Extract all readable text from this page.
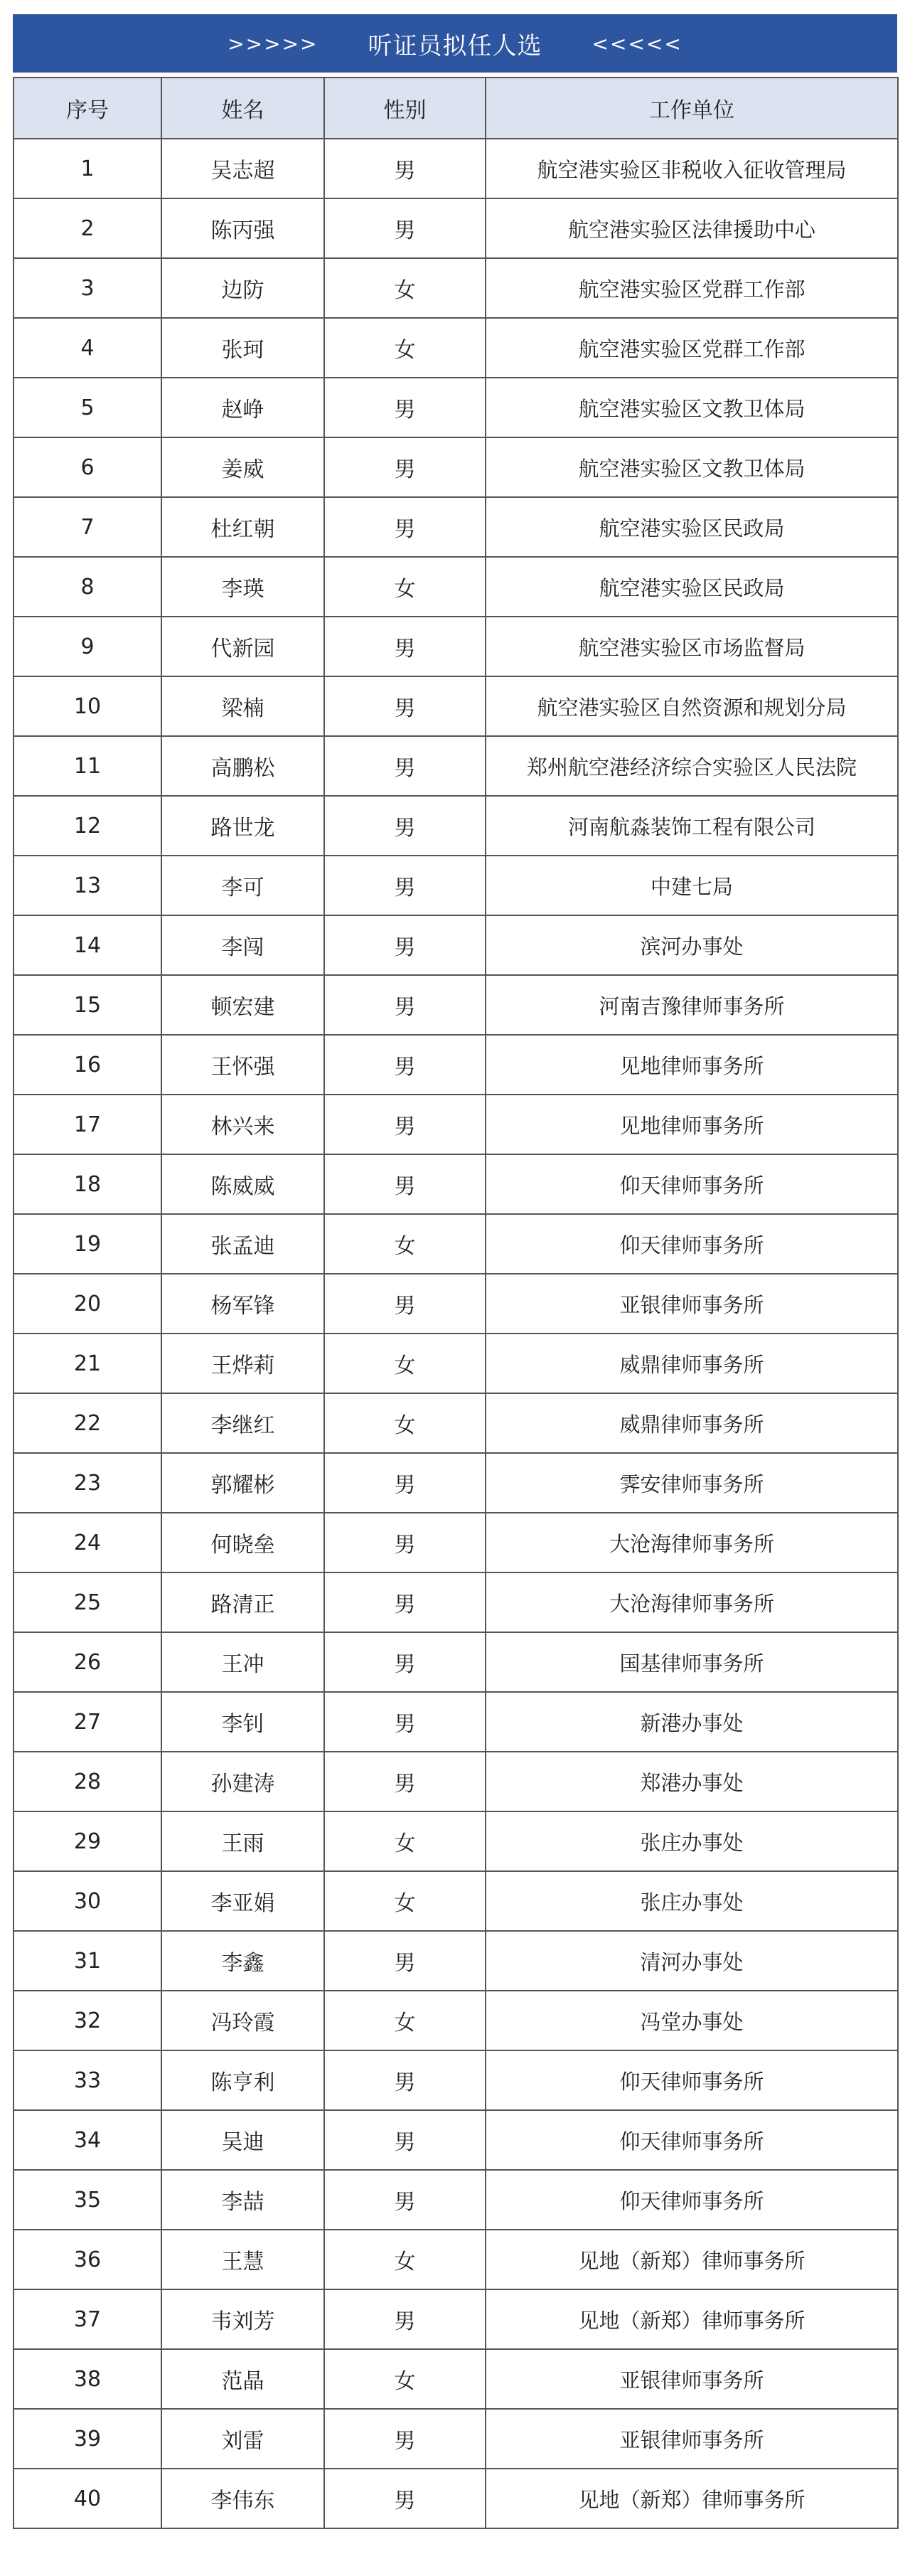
>>>>> 听证员拟任人选	<<<<<
序号	姓名	性别	工作单位
1	吴志超	男	航空港实验区非税收入征收管理局
2	陈丙强	男	航空港实验区法律援助中心
3	边防	女	航空港实验区党群工作部
4	张珂	女	航空港实验区党群工作部
5	赵峥	男	航空港实验区文教卫体局
6	姜威	男	航空港实验区文教卫体局
7	杜红朝	男	航空港实验区民政局
8	李瑛	女	航空港实验区民政局
9	代新园	男	航空港实验区市场监督局
10	梁楠	男	航空港实验区自然资源和规划分局
11	高鹏松	男	郑州航空港经济综合实验区人民法院
12	路世龙	男	河南航淼装饰工程有限公司
13	李可	男	中建七局
14	李闯	男	滨河办事处
15	顿宏建	男	河南吉豫律师事务所
16	王怀强	男	见地律师事务所
17	林兴来	男	见地律师事务所
18	陈威威	男	仰天律师事务所
19	张孟迪	女	仰天律师事务所
20	杨军锋	男	亚银律师事务所
21	王烨莉	女	威鼎律师事务所
22	李继红	女	威鼎律师事务所
23	郭耀彬	男	霁安律师事务所
24	何晓垒	男	大沧海律师事务所
25	路清正	男	大沧海律师事务所
26	王冲	男	国基律师事务所
27	李钊	男	新港办事处
28	孙建涛	男	郑港办事处
29	王雨	女	张庄办事处
30	李亚娟	女	张庄办事处
31	李鑫	男	清河办事处
32	冯玲霞	女	冯堂办事处
33	陈亨利	男	仰天律师事务所
34	吴迪	男	仰天律师事务所
35	李喆	男	仰天律师事务所
36	王慧	女	见地（新郑）律师事务所
37	韦刘芳	男	见地（新郑）律师事务所
38	范晶	女	亚银律师事务所
39	刘雷	男	亚银律师事务所
40	李伟东	男	见地（新郑）律师事务所
